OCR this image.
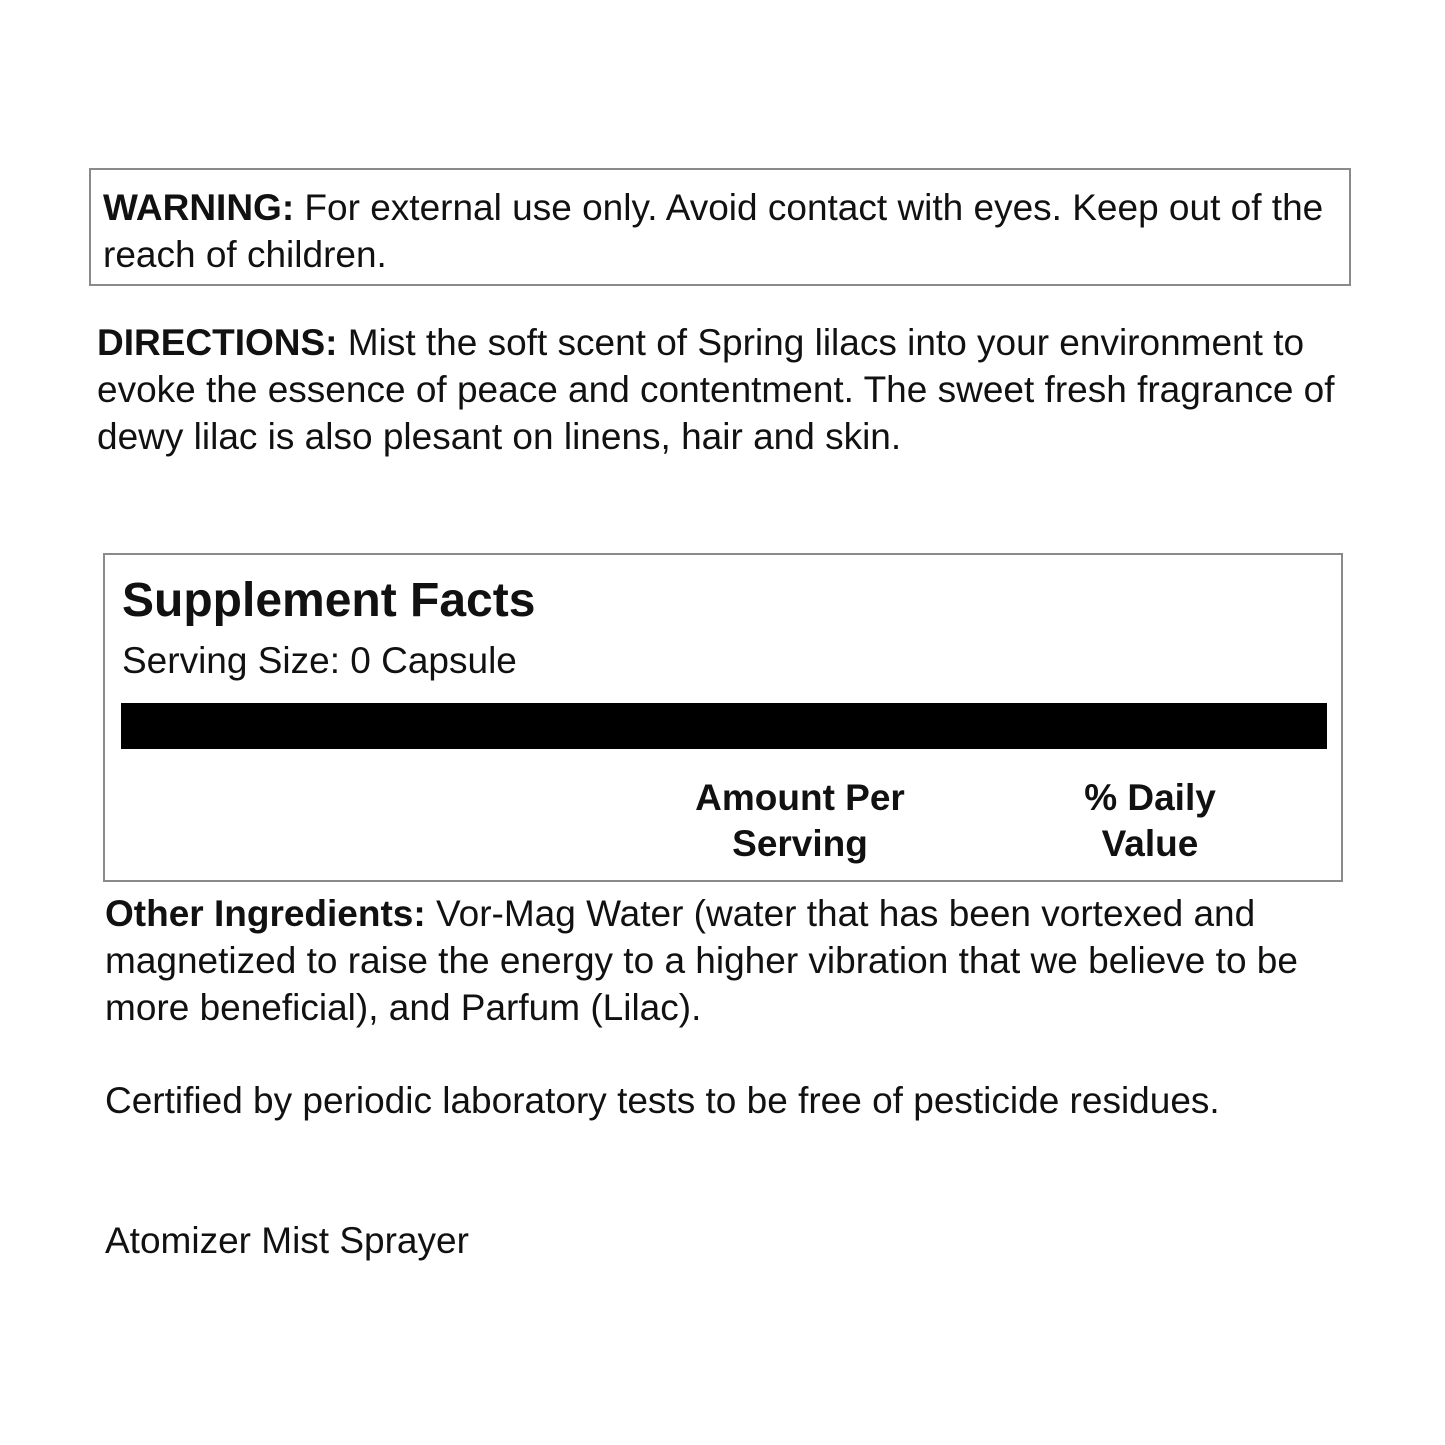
WARNING: For external use only. Avoid contact with eyes. Keep out of the reach of children.

DIRECTIONS: Mist the soft scent of Spring lilacs into your environment to evoke the essence of peace and contentment. The sweet fresh fragrance of dewy lilac is also plesant on linens, hair and skin.

Supplement Facts
Serving Size: 0 Capsule
Amount Per
Serving
% Daily
Value

Other Ingredients: Vor-Mag Water (water that has been vortexed and magnetized to raise the energy to a higher vibration that we believe to be more beneficial), and Parfum (Lilac).

Certified by periodic laboratory tests to be free of pesticide residues.

Atomizer Mist Sprayer
